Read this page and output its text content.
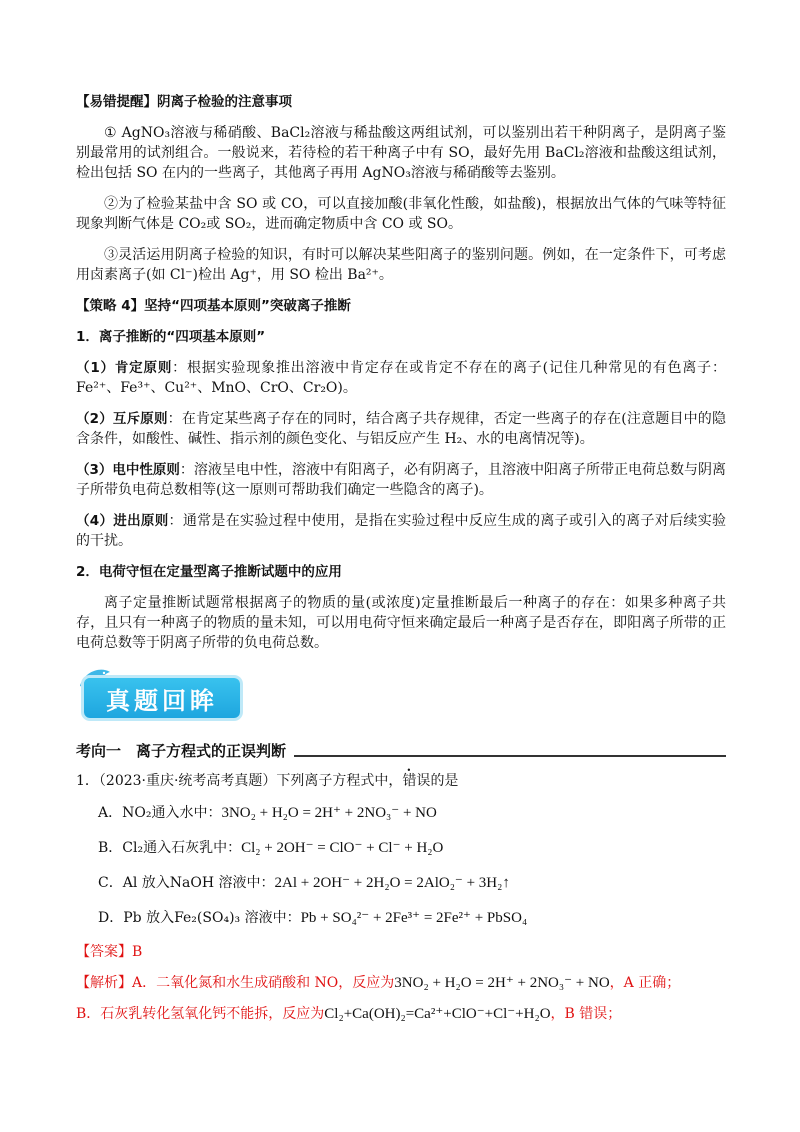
【易错提醒】阴离子检验的注意事项
① AgNO₃溶液与稀硝酸、BaCl₂溶液与稀盐酸这两组试剂，可以鉴别出若干种阴离子，是阴离子鉴别最常用的试剂组合。一般说来，若待检的若干种离子中有 SO，最好先用 BaCl₂溶液和盐酸这组试剂，检出包括 SO 在内的一些离子，其他离子再用 AgNO₃溶液与稀硝酸等去鉴别。
②为了检验某盐中含 SO 或 CO，可以直接加酸(非氧化性酸，如盐酸)，根据放出气体的气味等特征现象判断气体是 CO₂或 SO₂，进而确定物质中含 CO 或 SO。
③灵活运用阴离子检验的知识，有时可以解决某些阳离子的鉴别问题。例如，在一定条件下，可考虑用卤素离子(如 Cl⁻)检出 Ag⁺，用 SO 检出 Ba²⁺。
【策略 4】坚持“四项基本原则”突破离子推断
1．离子推断的“四项基本原则”
（1）肯定原则：根据实验现象推出溶液中肯定存在或肯定不存在的离子(记住几种常见的有色离子：Fe²⁺、Fe³⁺、Cu²⁺、MnO、CrO、Cr₂O)。
（2）互斥原则：在肯定某些离子存在的同时，结合离子共存规律，否定一些离子的存在(注意题目中的隐含条件，如酸性、碱性、指示剂的颜色变化、与铝反应产生 H₂、水的电离情况等)。
（3）电中性原则：溶液呈电中性，溶液中有阳离子，必有阴离子，且溶液中阳离子所带正电荷总数与阴离子所带负电荷总数相等(这一原则可帮助我们确定一些隐含的离子)。
（4）进出原则：通常是在实验过程中使用，是指在实验过程中反应生成的离子或引入的离子对后续实验的干扰。
2．电荷守恒在定量型离子推断试题中的应用
离子定量推断试题常根据离子的物质的量(或浓度)定量推断最后一种离子的存在：如果多种离子共存，且只有一种离子的物质的量未知，可以用电荷守恒来确定最后一种离子是否存在，即阳离子所带的正电荷总数等于阴离子所带的负电荷总数。
真题回眸
考向一　离子方程式的正误判断
1．（2023·重庆·统考高考真题）下列离子方程式中，错误的是
A．NO₂通入水中：3NO₂ + H₂O = 2H⁺ + 2NO₃⁻ + NO
B．Cl₂通入石灰乳中：Cl₂ + 2OH⁻ = ClO⁻ + Cl⁻ + H₂O
C．Al 放入NaOH 溶液中：2Al + 2OH⁻ + 2H₂O = 2AlO₂⁻ + 3H₂↑
D．Pb 放入Fe₂(SO₄)₃ 溶液中：Pb + SO₄²⁻ + 2Fe³⁺ = 2Fe²⁺ + PbSO₄
【答案】B
【解析】A．二氧化氮和水生成硝酸和 NO，反应为3NO₂ + H₂O = 2H⁺ + 2NO₃⁻ + NO，A 正确；
B．石灰乳转化氢氧化钙不能拆，反应为Cl₂+Ca(OH)₂=Ca²⁺+ClO⁻+Cl⁻+H₂O，B 错误；
